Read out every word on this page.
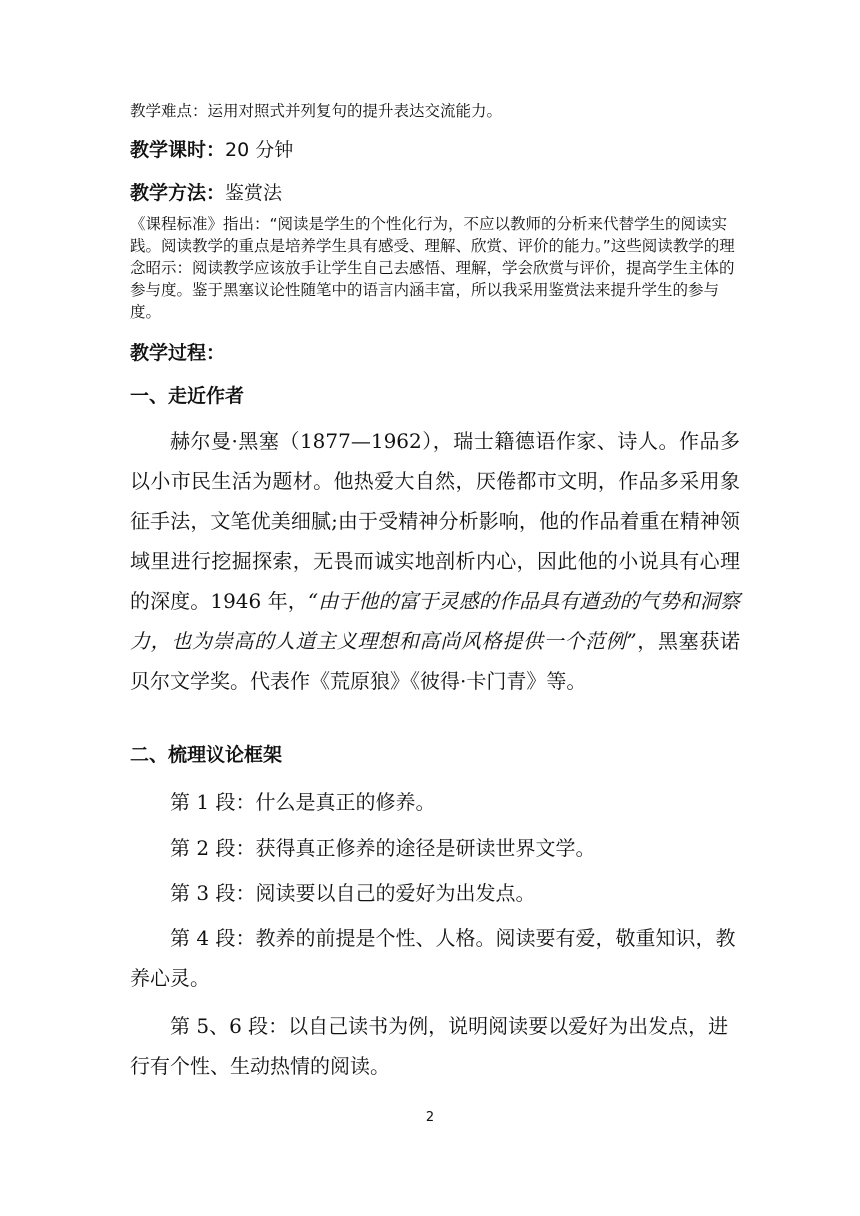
教学难点：运用对照式并列复句的提升表达交流能力。

教学课时：20 分钟

教学方法：鉴赏法

《课程标准》指出：“阅读是学生的个性化行为，不应以教师的分析来代替学生的阅读实践。阅读教学的重点是培养学生具有感受、理解、欣赏、评价的能力。”这些阅读教学的理念昭示：阅读教学应该放手让学生自己去感悟、理解，学会欣赏与评价，提高学生主体的参与度。鉴于黑塞议论性随笔中的语言内涵丰富，所以我采用鉴赏法来提升学生的参与度。

教学过程：

一、走近作者

赫尔曼·黑塞（1877—1962），瑞士籍德语作家、诗人。作品多以小市民生活为题材。他热爱大自然，厌倦都市文明，作品多采用象征手法，文笔优美细腻;由于受精神分析影响，他的作品着重在精神领域里进行挖掘探索，无畏而诚实地剖析内心，因此他的小说具有心理的深度。1946 年，“由于他的富于灵感的作品具有遒劲的气势和洞察力，也为崇高的人道主义理想和高尚风格提供一个范例”，黑塞获诺贝尔文学奖。代表作《荒原狼》《彼得·卡门青》等。

二、梳理议论框架

第 1 段：什么是真正的修养。

第 2 段：获得真正修养的途径是研读世界文学。

第 3 段：阅读要以自己的爱好为出发点。

第 4 段：教养的前提是个性、人格。阅读要有爱，敬重知识，教养心灵。

第 5、6 段：以自己读书为例，说明阅读要以爱好为出发点，进行有个性、生动热情的阅读。

2
